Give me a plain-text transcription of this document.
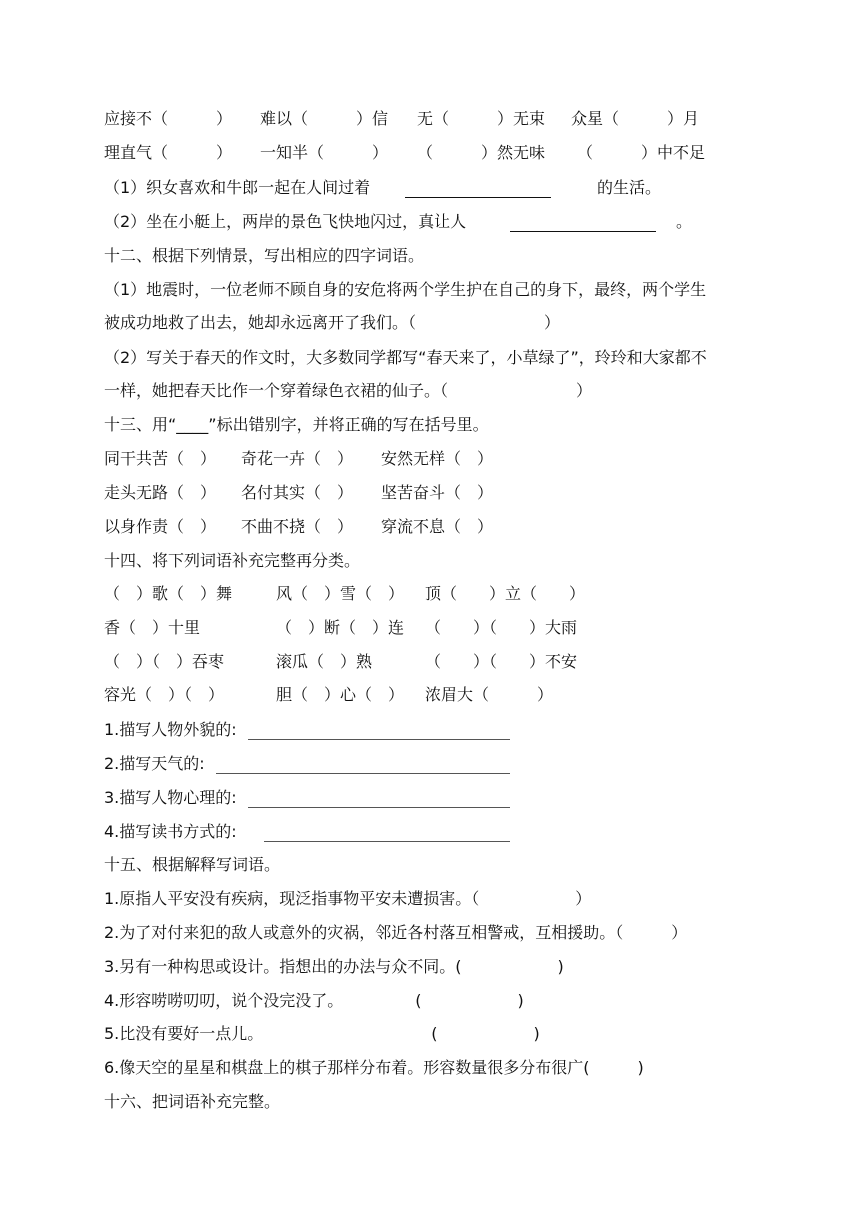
应接不（　　　） 难以（　　　）信 无（　　　）无束 众星（　　　）月
理直气（　　　） 一知半（　　　） （　　　）然无味 （　　　）中不足
（1）织女喜欢和牛郎一起在人间过着	的生活。
（2）坐在小艇上，两岸的景色飞快地闪过，真让人	。
十二、根据下列情景，写出相应的四字词语。
（1）地震时，一位老师不顾自身的安危将两个学生护在自己的身下，最终，两个学生
被成功地救了出去，她却永远离开了我们。（　　　　　　　　）
（2）写关于春天的作文时，大多数同学都写“春天来了，小草绿了”，玲玲和大家都不
一样，她把春天比作一个穿着绿色衣裙的仙子。（　　　　　　　　）
十三、用“____”标出错别字，并将正确的写在括号里。
同干共苦（　） 奇花一卉（　） 安然无样（　）
走头无路（　） 名付其实（　） 坚苦奋斗（　）
以身作责（　） 不曲不挠（　） 穿流不息（　）
十四、将下列词语补充完整再分类。
（　）歌（　）舞	风（　）雪（　） 顶（　　）立（　　）
香（　）十里	（　）断（　）连 （　　）（　　）大雨
（　）（　）吞枣	滚瓜（　）熟	（　　）（　　）不安
容光（　）（　）	胆（　）心（　） 浓眉大（　　　）
1.描写人物外貌的:
2.描写天气的:
3.描写人物心理的:
4.描写读书方式的:
十五、根据解释写词语。
1.原指人平安没有疾病，现泛指事物平安未遭损害。（　　　　　　）
2.为了对付来犯的敌人或意外的灾祸，邻近各村落互相警戒，互相援助。（　　　）
3.另有一种构思或设计。指想出的办法与众不同。(　　　　　　)
4.形容唠唠叨叨，说个没完没了。　　　　　(　　　　　　)
5.比没有要好一点儿。　　　　　　　　　　　(　　　　　　)
6.像天空的星星和棋盘上的棋子那样分布着。形容数量很多分布很广(　　　)
十六、把词语补充完整。
